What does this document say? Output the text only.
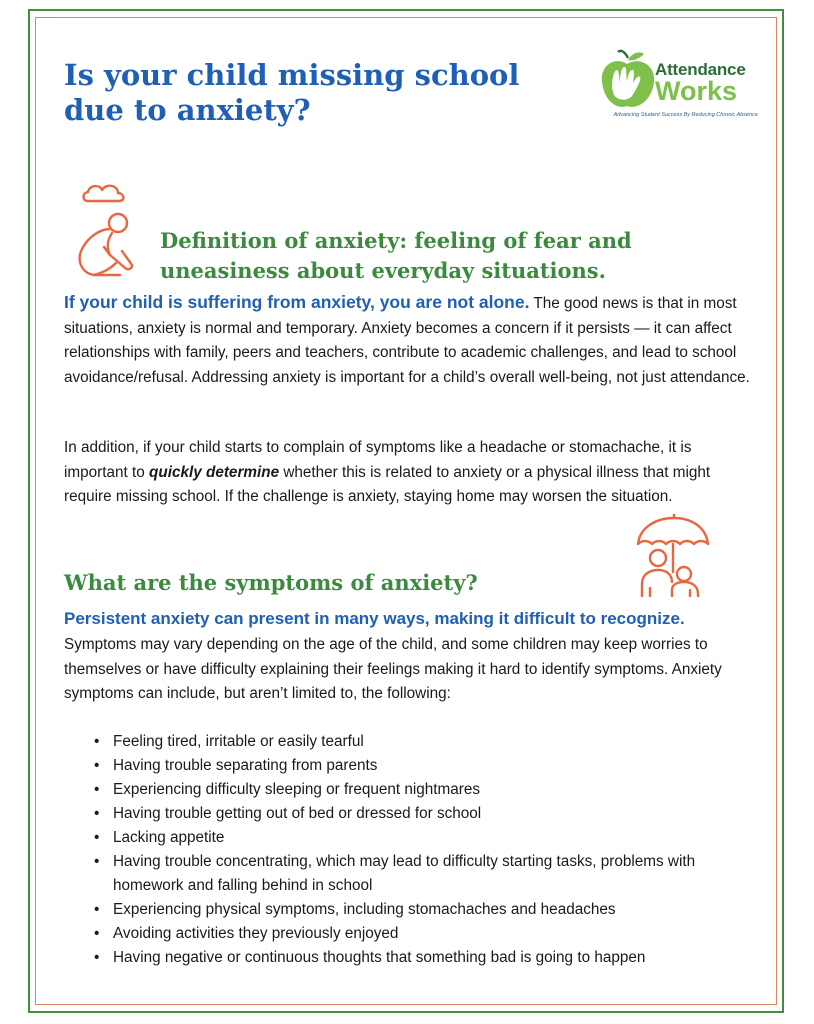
Is your child missing school due to anxiety?
Attendance
Works
Advancing Student Success By Reducing Chronic Absence
Definition of anxiety: feeling of fear and uneasiness about everyday situations.

If your child is suffering from anxiety, you are not alone. The good news is that in most situations, anxiety is normal and temporary. Anxiety becomes a concern if it persists — it can affect relationships with family, peers and teachers, contribute to academic challenges, and lead to school avoidance/refusal. Addressing anxiety is important for a child’s overall well-being, not just attendance.

In addition, if your child starts to complain of symptoms like a headache or stomachache, it is important to quickly determine whether this is related to anxiety or a physical illness that might require missing school. If the challenge is anxiety, staying home may worsen the situation.

What are the symptoms of anxiety?

Persistent anxiety can present in many ways, making it difficult to recognize.

Symptoms may vary depending on the age of the child, and some children may keep worries to themselves or have difficulty explaining their feelings making it hard to identify symptoms. Anxiety symptoms can include, but aren’t limited to, the following:

• Feeling tired, irritable or easily tearful
• Having trouble separating from parents
• Experiencing difficulty sleeping or frequent nightmares
• Having trouble getting out of bed or dressed for school
• Lacking appetite
• Having trouble concentrating, which may lead to difficulty starting tasks, problems with homework and falling behind in school
• Experiencing physical symptoms, including stomachaches and headaches
• Avoiding activities they previously enjoyed
• Having negative or continuous thoughts that something bad is going to happen
